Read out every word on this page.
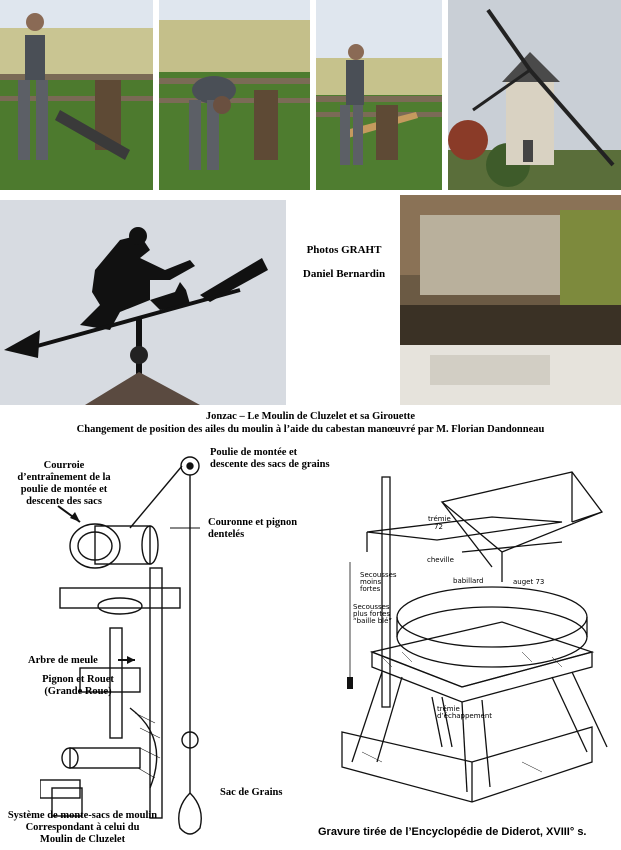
Photos GRAHT
Daniel Bernardin
Jonzac – Le Moulin de Cluzelet et sa Girouette
Changement de position des ailes du moulin à l’aide du cabestan manœuvré par M. Florian Dandonneau
Courroie
d’entraînement de la
poulie de montée et
descente des sacs
Poulie de montée et
descente des sacs de grains
Couronne et pignon
dentelés
Arbre de meule
Pignon et Rouet
(Grande Roue)
Sac de Grains
Système de monte-sacs de moulin
Correspondant à celui du
Moulin de Cluzelet
trémie
72
cheville
babillard	auget 73
Secousses
moins
fortes
Secousses
plus fortes
“baille blé”
trémie
d’échappement
Gravure tirée de l’Encyclopédie de Diderot, XVIII° s.
